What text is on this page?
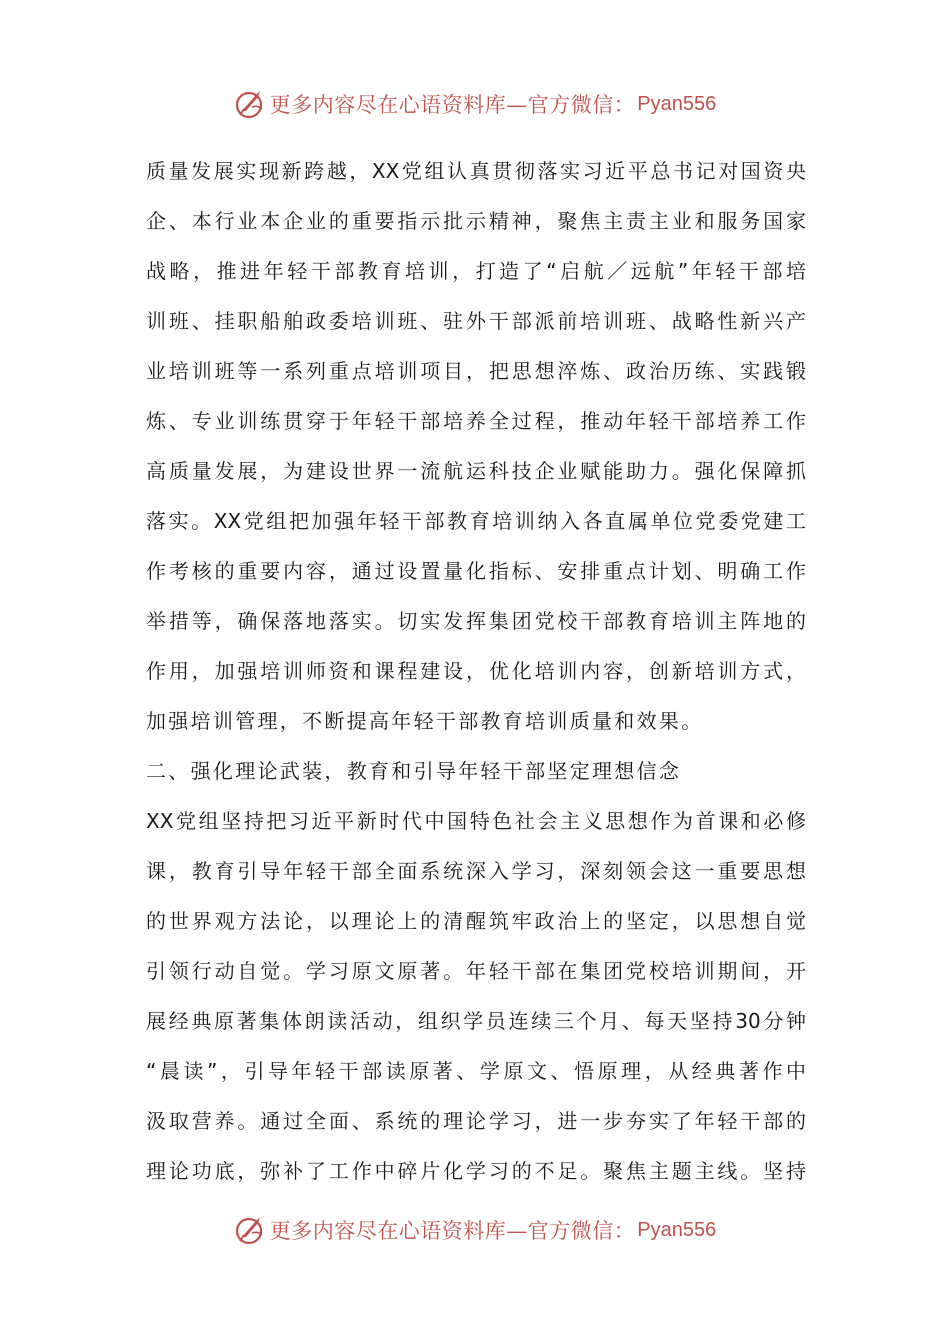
更多内容尽在心语资料库—官方微信： Pyan556
质量发展实现新跨越，XX党组认真贯彻落实习近平总书记对国资央
企、本行业本企业的重要指示批示精神，聚焦主责主业和服务国家
战略，推进年轻干部教育培训，打造了“启航／远航”年轻干部培
训班、挂职船舶政委培训班、驻外干部派前培训班、战略性新兴产
业培训班等一系列重点培训项目，把思想淬炼、政治历练、实践锻
炼、专业训练贯穿于年轻干部培养全过程，推动年轻干部培养工作
高质量发展，为建设世界一流航运科技企业赋能助力。强化保障抓
落实。XX党组把加强年轻干部教育培训纳入各直属单位党委党建工
作考核的重要内容，通过设置量化指标、安排重点计划、明确工作
举措等，确保落地落实。切实发挥集团党校干部教育培训主阵地的
作用，加强培训师资和课程建设，优化培训内容，创新培训方式，
加强培训管理，不断提高年轻干部教育培训质量和效果。
二、强化理论武装，教育和引导年轻干部坚定理想信念
XX党组坚持把习近平新时代中国特色社会主义思想作为首课和必修
课，教育引导年轻干部全面系统深入学习，深刻领会这一重要思想
的世界观方法论，以理论上的清醒筑牢政治上的坚定，以思想自觉
引领行动自觉。学习原文原著。年轻干部在集团党校培训期间，开
展经典原著集体朗读活动，组织学员连续三个月、每天坚持30分钟
“晨读”，引导年轻干部读原著、学原文、悟原理，从经典著作中
汲取营养。通过全面、系统的理论学习，进一步夯实了年轻干部的
理论功底，弥补了工作中碎片化学习的不足。聚焦主题主线。坚持
更多内容尽在心语资料库—官方微信： Pyan556
